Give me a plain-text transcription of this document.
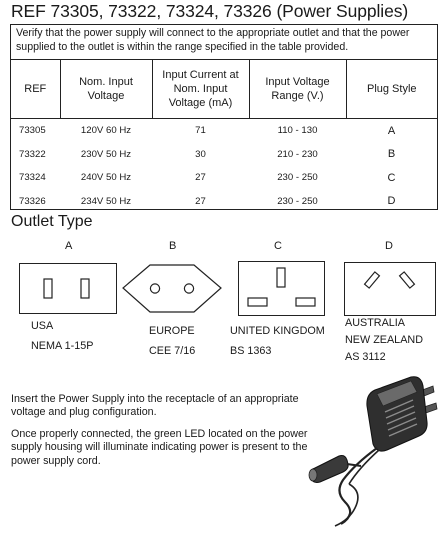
REF 73305, 73322, 73324, 73326 (Power Supplies)
Verify that the power supply will connect to the appropriate outlet and that the power supplied to the outlet is within the range specified in the table provided.
REF	Nom. Input Voltage	Input Current at Nom. Input Voltage (mA)	Input Voltage Range (V.)	Plug Style
73305	120V 60 Hz	71	110 - 130	A
73322	230V 50 Hz	30	210 - 230	B
73324	240V 50 Hz	27	230 - 250	C
73326	234V 50 Hz	27	230 - 250	D
Outlet Type
A	B	C	D
USA
NEMA 1-15P
EUROPE
CEE 7/16
UNITED KINGDOM
BS 1363
AUSTRALIA
NEW ZEALAND
AS 3112
Insert the Power Supply into the receptacle of an appropriate voltage and plug configuration.
Once properly connected, the green LED located on the power supply housing will illuminate indicating power is present to the power supply cord.
